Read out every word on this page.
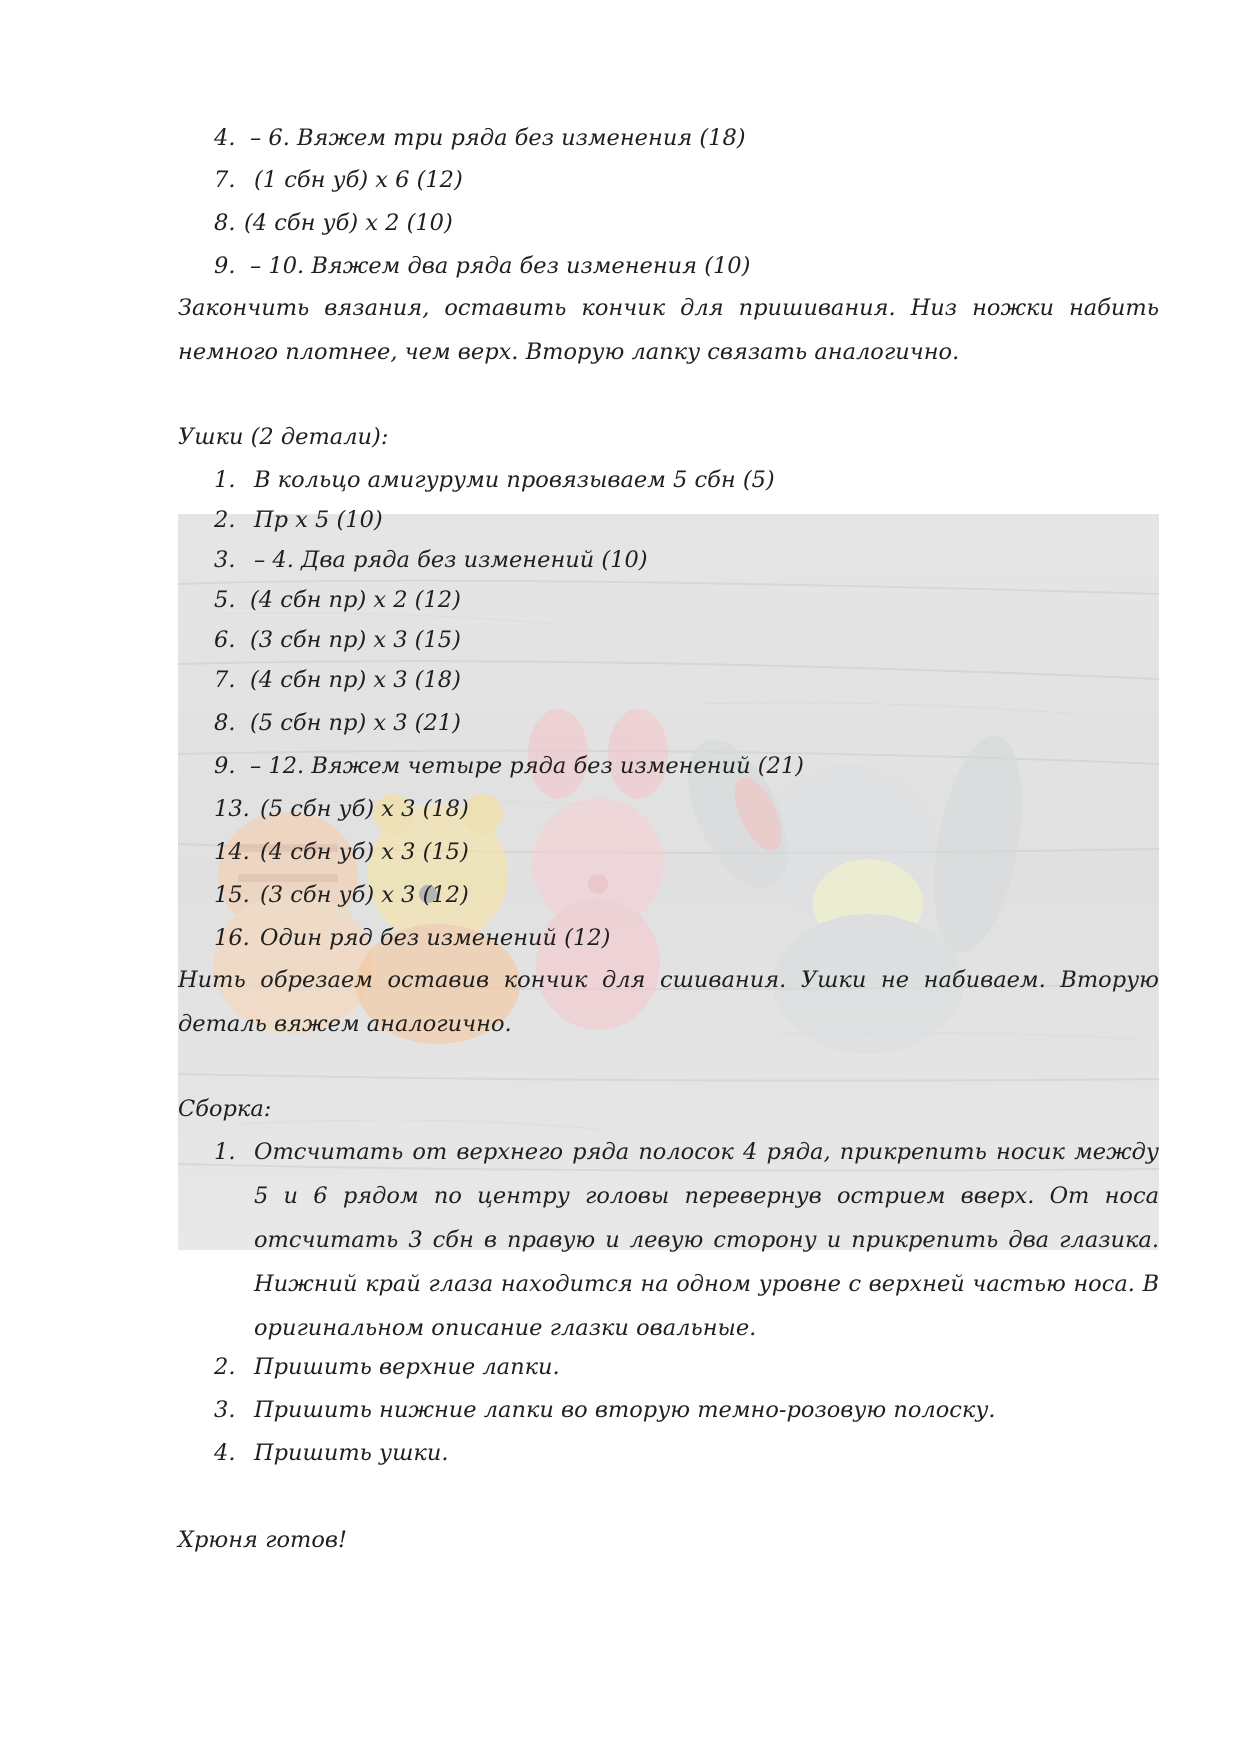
4. – 6. Вяжем три ряда без изменения (18)
7. (1 сбн уб) х 6 (12)
8. (4 сбн уб) х 2 (10)
9. – 10. Вяжем два ряда без изменения (10)
Закончить вязания, оставить кончик для пришивания. Низ ножки набить немного плотнее, чем верх. Вторую лапку связать аналогично.
Ушки (2 детали):
1. В кольцо амигуруми провязываем 5 сбн (5)
2. Пр х 5 (10)
3. – 4. Два ряда без изменений (10)
5. (4 сбн пр) х 2 (12)
6. (3 сбн пр) х 3 (15)
7. (4 сбн пр) х 3 (18)
8. (5 сбн пр) х 3 (21)
9. – 12. Вяжем четыре ряда без изменений (21)
13. (5 сбн уб) х 3 (18)
14. (4 сбн уб) х 3 (15)
15. (3 сбн уб) х 3 (12)
16. Один ряд без изменений (12)
Нить обрезаем оставив кончик для сшивания. Ушки не набиваем. Вторую деталь вяжем аналогично.
Сборка:
1. Отсчитать от верхнего ряда полосок 4 ряда, прикрепить носик между 5 и 6 рядом по центру головы перевернув острием вверх. От носа отсчитать 3 сбн в правую и левую сторону и прикрепить два глазика. Нижний край глаза находится на одном уровне с верхней частью носа. В оригинальном описание глазки овальные.
2. Пришить верхние лапки.
3. Пришить нижние лапки во вторую темно-розовую полоску.
4. Пришить ушки.
Хрюня готов!
